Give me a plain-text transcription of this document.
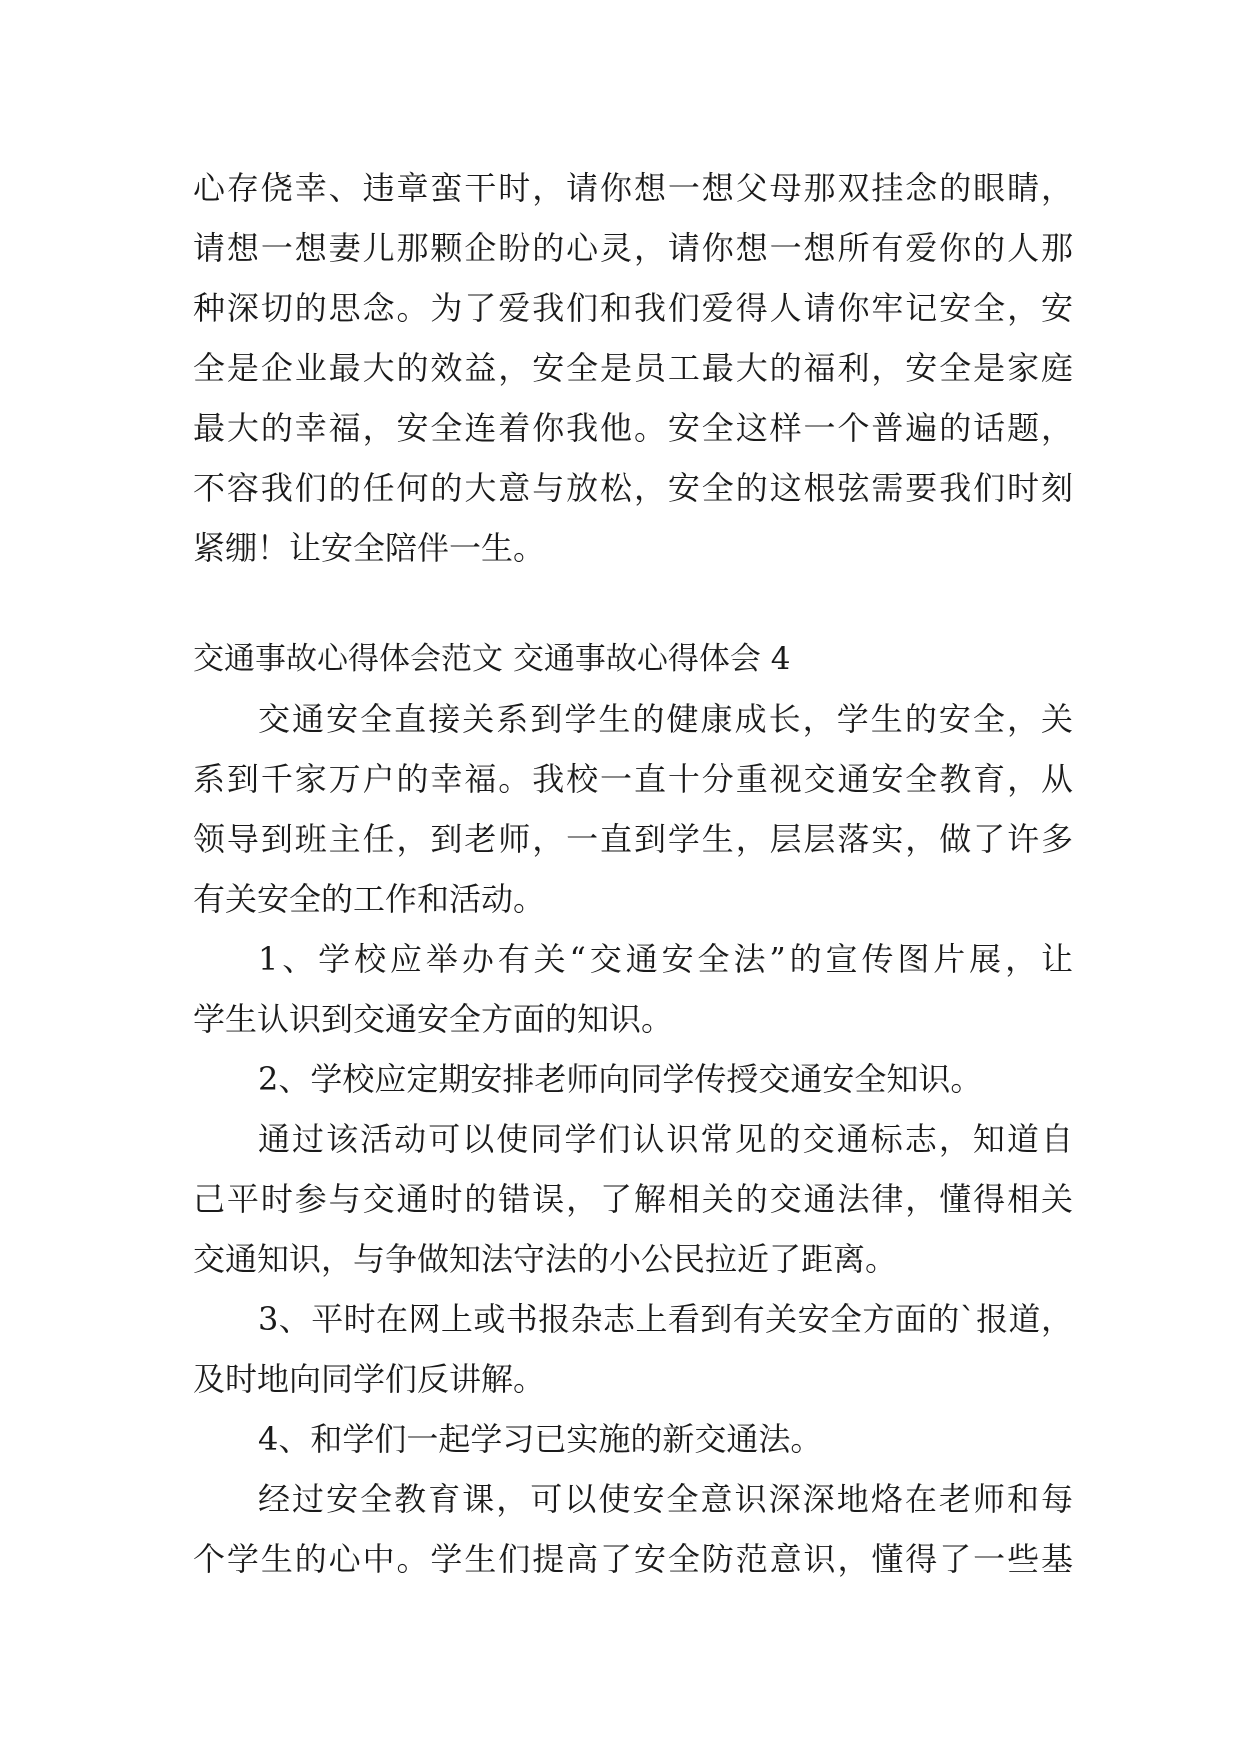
心存侥幸、违章蛮干时，请你想一想父母那双挂念的眼睛，
请想一想妻儿那颗企盼的心灵，请你想一想所有爱你的人那
种深切的思念。为了爱我们和我们爱得人请你牢记安全，安
全是企业最大的效益，安全是员工最大的福利，安全是家庭
最大的幸福，安全连着你我他。安全这样一个普遍的话题，
不容我们的任何的大意与放松，安全的这根弦需要我们时刻
紧绷！让安全陪伴一生。
交通事故心得体会范文 交通事故心得体会 4
交通安全直接关系到学生的健康成长，学生的安全，关
系到千家万户的幸福。我校一直十分重视交通安全教育，从
领导到班主任，到老师，一直到学生，层层落实，做了许多
有关安全的工作和活动。
1、学校应举办有关“交通安全法”的宣传图片展，让
学生认识到交通安全方面的知识。
2、学校应定期安排老师向同学传授交通安全知识。
通过该活动可以使同学们认识常见的交通标志，知道自
己平时参与交通时的错误，了解相关的交通法律，懂得相关
交通知识，与争做知法守法的小公民拉近了距离。
3、平时在网上或书报杂志上看到有关安全方面的`报道，
及时地向同学们反讲解。
4、和学们一起学习已实施的新交通法。
经过安全教育课，可以使安全意识深深地烙在老师和每
个学生的心中。学生们提高了安全防范意识，懂得了一些基
